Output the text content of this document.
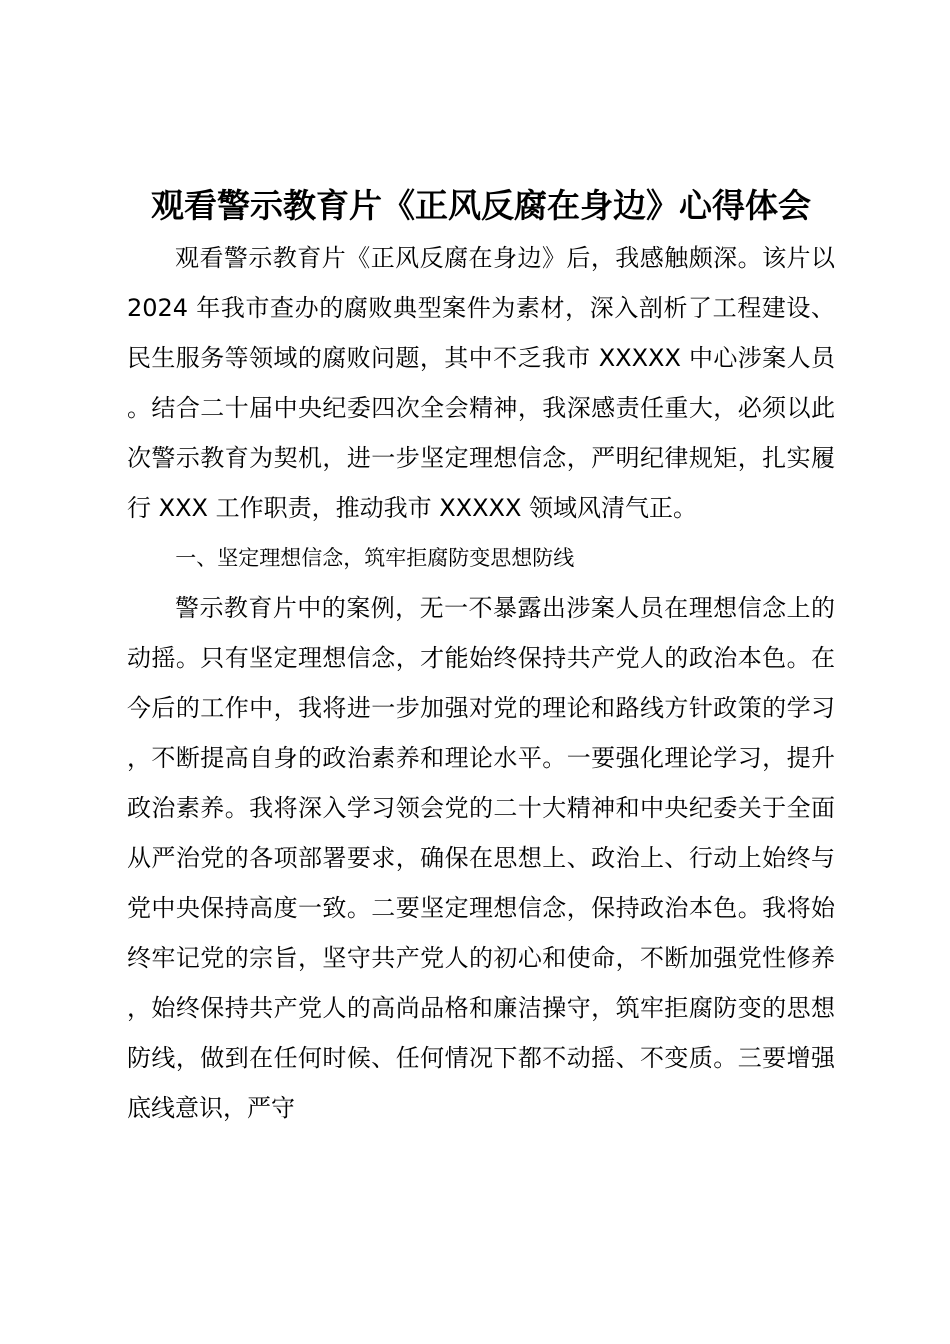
观看警示教育片《正风反腐在身边》心得体会

观看警示教育片《正风反腐在身边》后，我感触颇深。该片以 2024 年我市查办的腐败典型案件为素材，深入剖析了工程建设、民生服务等领域的腐败问题，其中不乏我市 XXXXX 中心涉案人员。结合二十届中央纪委四次全会精神，我深感责任重大，必须以此次警示教育为契机，进一步坚定理想信念，严明纪律规矩，扎实履行 XXX 工作职责，推动我市 XXXXX 领域风清气正。

一、坚定理想信念，筑牢拒腐防变思想防线

警示教育片中的案例，无一不暴露出涉案人员在理想信念上的动摇。只有坚定理想信念，才能始终保持共产党人的政治本色。在今后的工作中，我将进一步加强对党的理论和路线方针政策的学习，不断提高自身的政治素养和理论水平。一要强化理论学习，提升政治素养。我将深入学习领会党的二十大精神和中央纪委关于全面从严治党的各项部署要求，确保在思想上、政治上、行动上始终与党中央保持高度一致。二要坚定理想信念，保持政治本色。我将始终牢记党的宗旨，坚守共产党人的初心和使命，不断加强党性修养，始终保持共产党人的高尚品格和廉洁操守，筑牢拒腐防变的思想防线，做到在任何时候、任何情况下都不动摇、不变质。三要增强底线意识，严守
